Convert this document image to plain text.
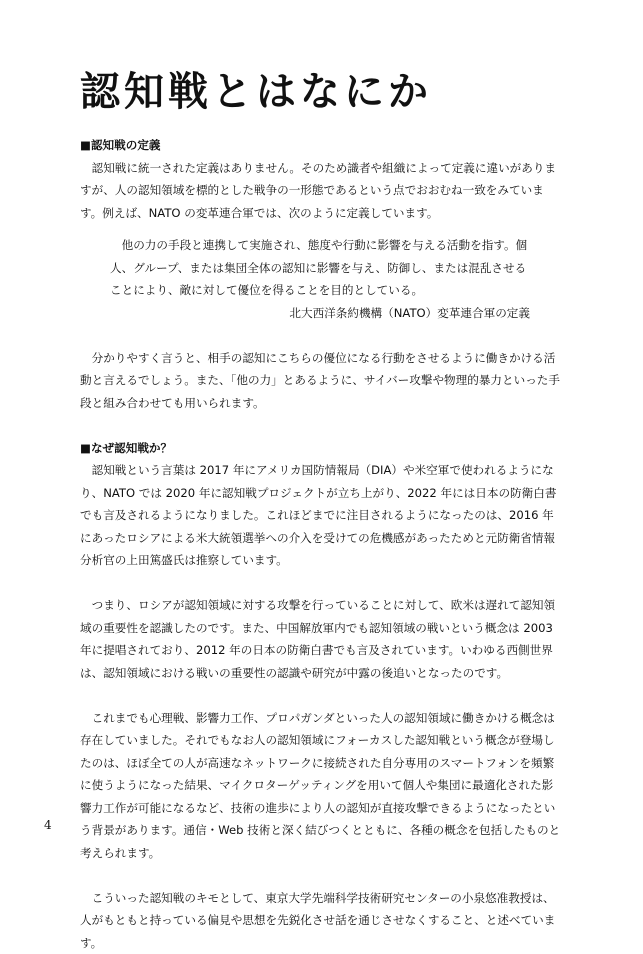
認知戦とはなにか

■認知戦の定義

認知戦に統一された定義はありません。そのため識者や組織によって定義に違いがありますが、人の認知領域を標的とした戦争の一形態であるという点でおおむね一致をみています。例えば、NATO の変革連合軍では、次のように定義しています。

他の力の手段と連携して実施され、態度や行動に影響を与える活動を指す。個人、グループ、または集団全体の認知に影響を与え、防御し、または混乱させることにより、敵に対して優位を得ることを目的としている。

北大西洋条約機構（NATO）変革連合軍の定義

分かりやすく言うと、相手の認知にこちらの優位になる行動をさせるように働きかける活動と言えるでしょう。また、「他の力」とあるように、サイバー攻撃や物理的暴力といった手段と組み合わせても用いられます。

■なぜ認知戦か？

認知戦という言葉は 2017 年にアメリカ国防情報局（DIA）や米空軍で使われるようになり、NATO では 2020 年に認知戦プロジェクトが立ち上がり、2022 年には日本の防衛白書でも言及されるようになりました。これほどまでに注目されるようになったのは、2016 年にあったロシアによる米大統領選挙への介入を受けての危機感があったためと元防衛省情報分析官の上田篤盛氏は推察しています。

つまり、ロシアが認知領域に対する攻撃を行っていることに対して、欧米は遅れて認知領域の重要性を認識したのです。また、中国解放軍内でも認知領域の戦いという概念は 2003 年に提唱されており、2012 年の日本の防衛白書でも言及されています。いわゆる西側世界は、認知領域における戦いの重要性の認識や研究が中露の後追いとなったのです。

これまでも心理戦、影響力工作、プロパガンダといった人の認知領域に働きかける概念は存在していました。それでもなお人の認知領域にフォーカスした認知戦という概念が登場したのは、ほぼ全ての人が高速なネットワークに接続された自分専用のスマートフォンを頻繁に使うようになった結果、マイクロターゲッティングを用いて個人や集団に最適化された影響力工作が可能になるなど、技術の進歩により人の認知が直接攻撃できるようになったという背景があります。通信・Web 技術と深く結びつくとともに、各種の概念を包括したものと考えられます。

こういった認知戦のキモとして、東京大学先端科学技術研究センターの小泉悠准教授は、人がもともと持っている偏見や思想を先鋭化させ話を通じさせなくすること、と述べています。

4
